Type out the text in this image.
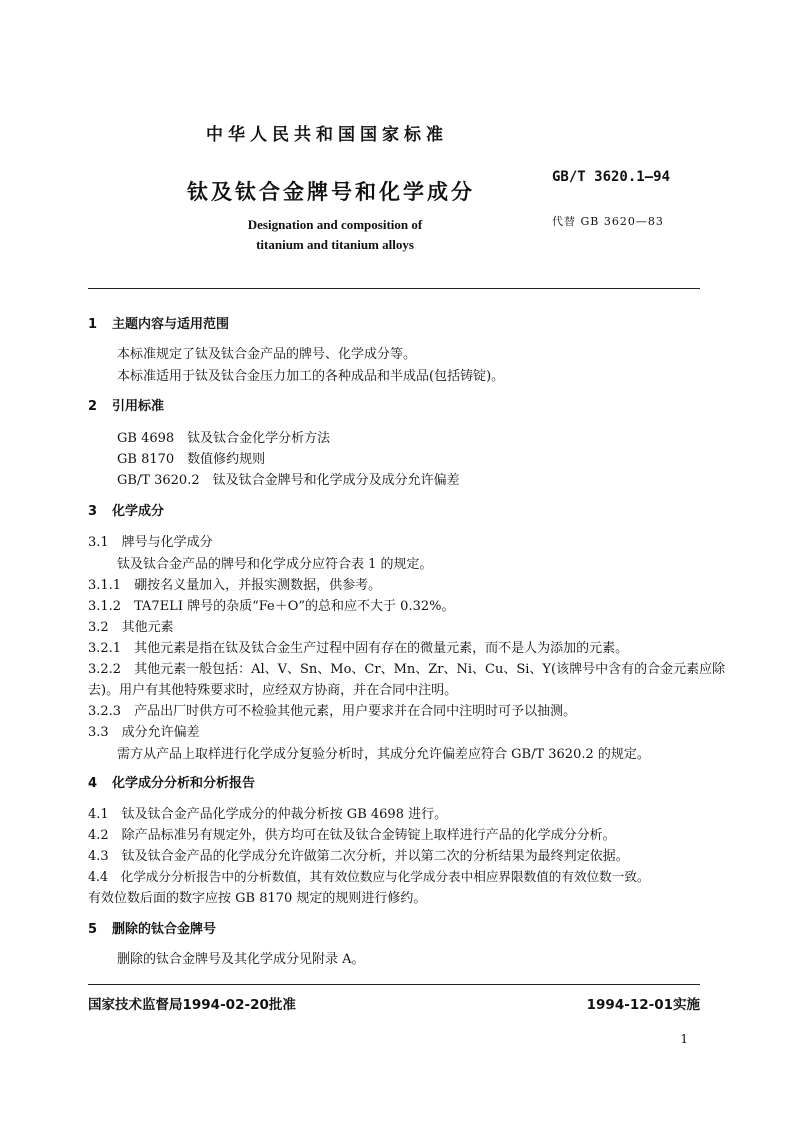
中华人民共和国国家标准
钛及钛合金牌号和化学成分
Designation and composition of
titanium and titanium alloys
GB/T 3620.1—94
代替 GB 3620—83
1 主题内容与适用范围
本标准规定了钛及钛合金产品的牌号、化学成分等。
本标准适用于钛及钛合金压力加工的各种成品和半成品(包括铸锭)。
2 引用标准
GB 4698　钛及钛合金化学分析方法
GB 8170　数值修约规则
GB/T 3620.2　钛及钛合金牌号和化学成分及成分允许偏差
3 化学成分
3.1　牌号与化学成分
钛及钛合金产品的牌号和化学成分应符合表 1 的规定。
3.1.1　硼按名义量加入，并报实测数据，供参考。
3.1.2　TA7ELI 牌号的杂质“Fe＋O”的总和应不大于 0.32%。
3.2　其他元素
3.2.1　其他元素是指在钛及钛合金生产过程中固有存在的微量元素，而不是人为添加的元素。
3.2.2　其他元素一般包括：Al、V、Sn、Mo、Cr、Mn、Zr、Ni、Cu、Si、Y(该牌号中含有的合金元素应除
去)。用户有其他特殊要求时，应经双方协商，并在合同中注明。
3.2.3　产品出厂时供方可不检验其他元素，用户要求并在合同中注明时可予以抽测。
3.3　成分允许偏差
需方从产品上取样进行化学成分复验分析时，其成分允许偏差应符合 GB/T 3620.2 的规定。
4 化学成分分析和分析报告
4.1　钛及钛合金产品化学成分的仲裁分析按 GB 4698 进行。
4.2　除产品标准另有规定外，供方均可在钛及钛合金铸锭上取样进行产品的化学成分分析。
4.3　钛及钛合金产品的化学成分允许做第二次分析，并以第二次的分析结果为最终判定依据。
4.4　化学成分分析报告中的分析数值，其有效位数应与化学成分表中相应界限数值的有效位数一致。
有效位数后面的数字应按 GB 8170 规定的规则进行修约。
5 删除的钛合金牌号
删除的钛合金牌号及其化学成分见附录 A。
国家技术监督局1994-02-20批准	1994-12-01实施
1
